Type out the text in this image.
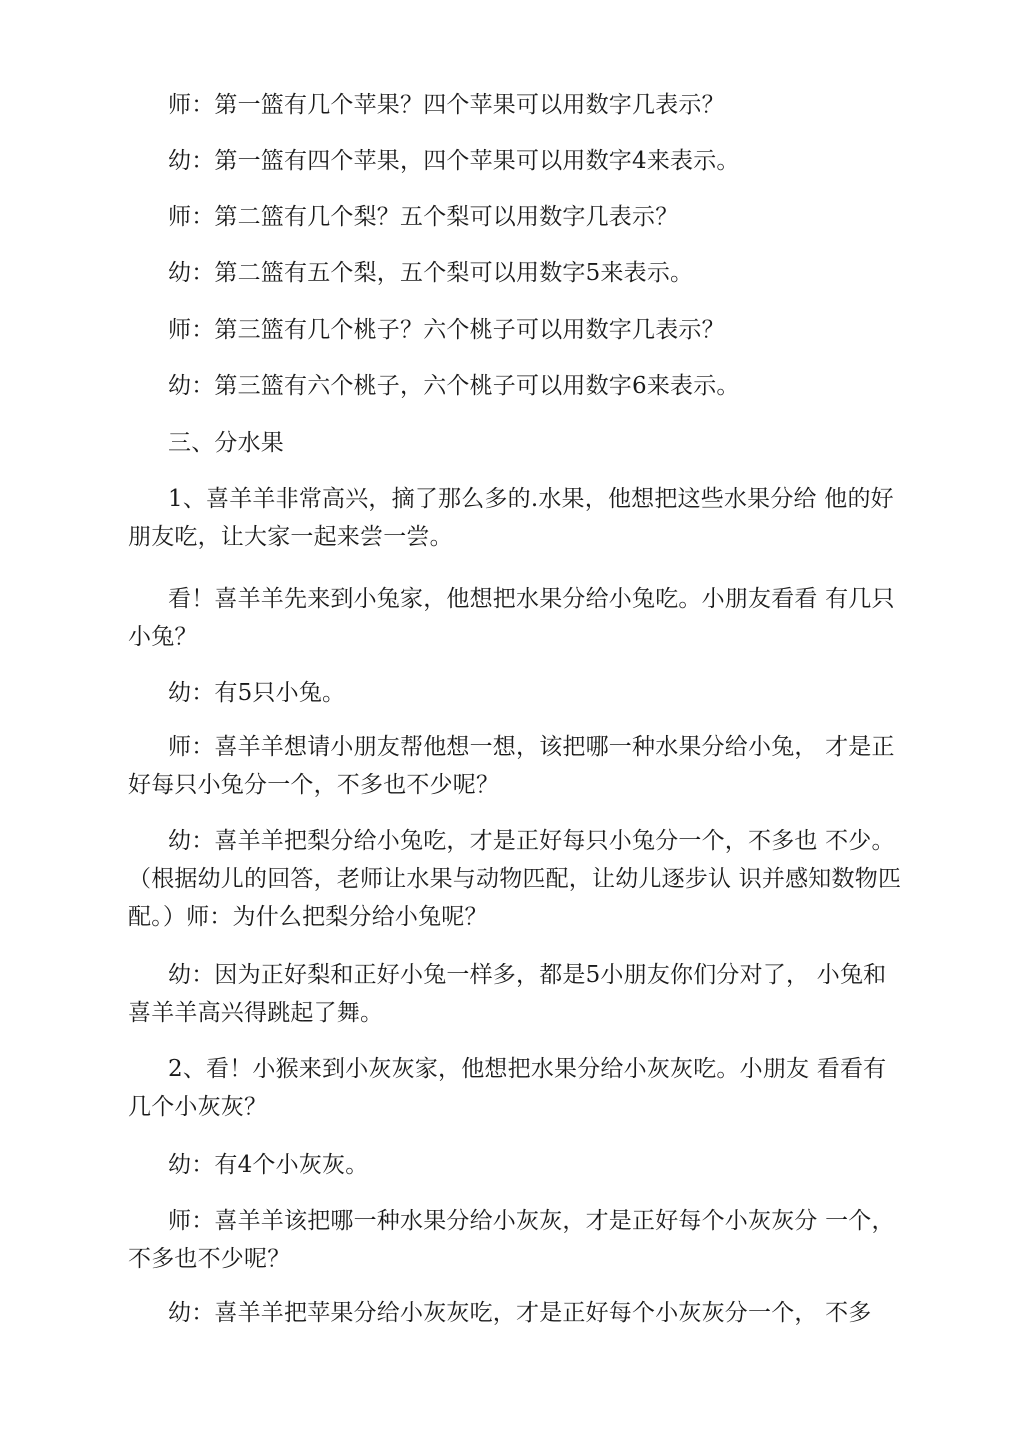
师：第一篮有几个苹果？四个苹果可以用数字几表示？

幼：第一篮有四个苹果，四个苹果可以用数字4来表示。

师：第二篮有几个梨？五个梨可以用数字几表示？

幼：第二篮有五个梨，五个梨可以用数字5来表示。

师：第三篮有几个桃子？六个桃子可以用数字几表示？

幼：第三篮有六个桃子，六个桃子可以用数字6来表示。

三、分水果

1、喜羊羊非常高兴，摘了那么多的.水果，他想把这些水果分给 他的好朋友吃，让大家一起来尝一尝。

看！喜羊羊先来到小兔家，他想把水果分给小兔吃。小朋友看看 有几只小兔？

幼：有5只小兔。

师：喜羊羊想请小朋友帮他想一想，该把哪一种水果分给小兔， 才是正好每只小兔分一个，不多也不少呢？

幼：喜羊羊把梨分给小兔吃，才是正好每只小兔分一个，不多也 不少。（根据幼儿的回答，老师让水果与动物匹配，让幼儿逐步认 识并感知数物匹配。）师：为什么把梨分给小兔呢？

幼：因为正好梨和正好小兔一样多，都是5小朋友你们分对了， 小兔和喜羊羊高兴得跳起了舞。

2、看！小猴来到小灰灰家，他想把水果分给小灰灰吃。小朋友 看看有几个小灰灰？

幼：有4个小灰灰。

师：喜羊羊该把哪一种水果分给小灰灰，才是正好每个小灰灰分 一个，不多也不少呢？

幼：喜羊羊把苹果分给小灰灰吃，才是正好每个小灰灰分一个， 不多
